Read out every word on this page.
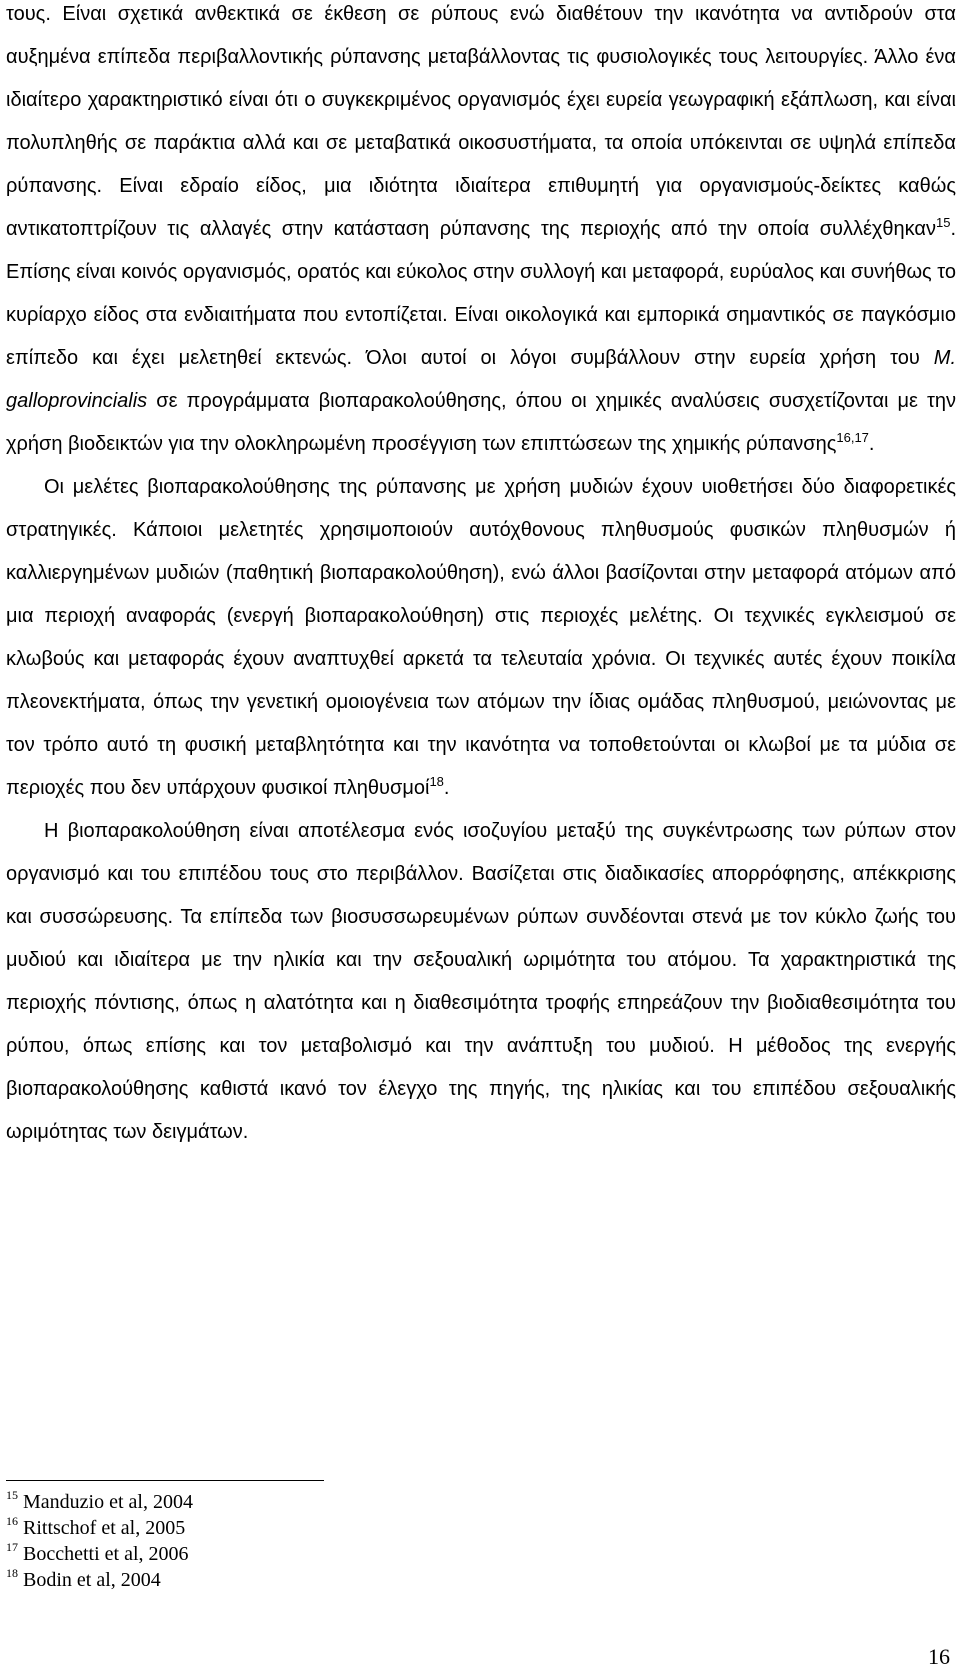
τους. Είναι σχετικά ανθεκτικά σε έκθεση σε ρύπους ενώ διαθέτουν την ικανότητα να αντιδρούν στα αυξημένα επίπεδα περιβαλλοντικής ρύπανσης μεταβάλλοντας τις φυσιολογικές τους λειτουργίες. Άλλο ένα ιδιαίτερο χαρακτηριστικό είναι ότι ο συγκεκριμένος οργανισμός έχει ευρεία γεωγραφική εξάπλωση, και είναι πολυπληθής σε παράκτια αλλά και σε μεταβατικά οικοσυστήματα, τα οποία υπόκεινται σε υψηλά επίπεδα ρύπανσης. Είναι εδραίο είδος, μια ιδιότητα ιδιαίτερα επιθυμητή για οργανισμούς-δείκτες καθώς αντικατοπτρίζουν τις αλλαγές στην κατάσταση ρύπανσης της περιοχής από την οποία συλλέχθηκαν$^{15}$. Επίσης είναι κοινός οργανισμός, ορατός και εύκολος στην συλλογή και μεταφορά, ευρύαλος και συνήθως το κυρίαρχο είδος στα ενδιαιτήματα που εντοπίζεται. Είναι οικολογικά και εμπορικά σημαντικός σε παγκόσμιο επίπεδο και έχει μελετηθεί εκτενώς. Όλοι αυτοί οι λόγοι συμβάλλουν στην ευρεία χρήση του M. galloprovincialis σε προγράμματα βιοπαρακολούθησης, όπου οι χημικές αναλύσεις συσχετίζονται με την χρήση βιοδεικτών για την ολοκληρωμένη προσέγγιση των επιπτώσεων της χημικής ρύπανσης$^{16,17}$.

Οι μελέτες βιοπαρακολούθησης της ρύπανσης με χρήση μυδιών έχουν υιοθετήσει δύο διαφορετικές στρατηγικές. Κάποιοι μελετητές χρησιμοποιούν αυτόχθονους πληθυσμούς φυσικών πληθυσμών ή καλλιεργημένων μυδιών (παθητική βιοπαρακολούθηση), ενώ άλλοι βασίζονται στην μεταφορά ατόμων από μια περιοχή αναφοράς (ενεργή βιοπαρακολούθηση) στις περιοχές μελέτης. Οι τεχνικές εγκλεισμού σε κλωβούς και μεταφοράς έχουν αναπτυχθεί αρκετά τα τελευταία χρόνια. Οι τεχνικές αυτές έχουν ποικίλα πλεονεκτήματα, όπως την γενετική ομοιογένεια των ατόμων την ίδιας ομάδας πληθυσμού, μειώνοντας με τον τρόπο αυτό τη φυσική μεταβλητότητα και την ικανότητα να τοποθετούνται οι κλωβοί με τα μύδια σε περιοχές που δεν υπάρχουν φυσικοί πληθυσμοί$^{18}$.

Η βιοπαρακολούθηση είναι αποτέλεσμα ενός ισοζυγίου μεταξύ της συγκέντρωσης των ρύπων στον οργανισμό και του επιπέδου τους στο περιβάλλον. Βασίζεται στις διαδικασίες απορρόφησης, απέκκρισης και συσσώρευσης. Τα επίπεδα των βιοσυσσωρευμένων ρύπων συνδέονται στενά με τον κύκλο ζωής του μυδιού και ιδιαίτερα με την ηλικία και την σεξουαλική ωριμότητα του ατόμου. Τα χαρακτηριστικά της περιοχής πόντισης, όπως η αλατότητα και η διαθεσιμότητα τροφής επηρεάζουν την βιοδιαθεσιμότητα του ρύπου, όπως επίσης και τον μεταβολισμό και την ανάπτυξη του μυδιού. Η μέθοδος της ενεργής βιοπαρακολούθησης καθιστά ικανό τον έλεγχο της πηγής, της ηλικίας και του επιπέδου σεξουαλικής ωριμότητας των δειγμάτων.

$^{15}$ Manduzio et al, 2004
$^{16}$ Rittschof et al, 2005
$^{17}$ Bocchetti et al, 2006
$^{18}$ Bodin et al, 2004
16
